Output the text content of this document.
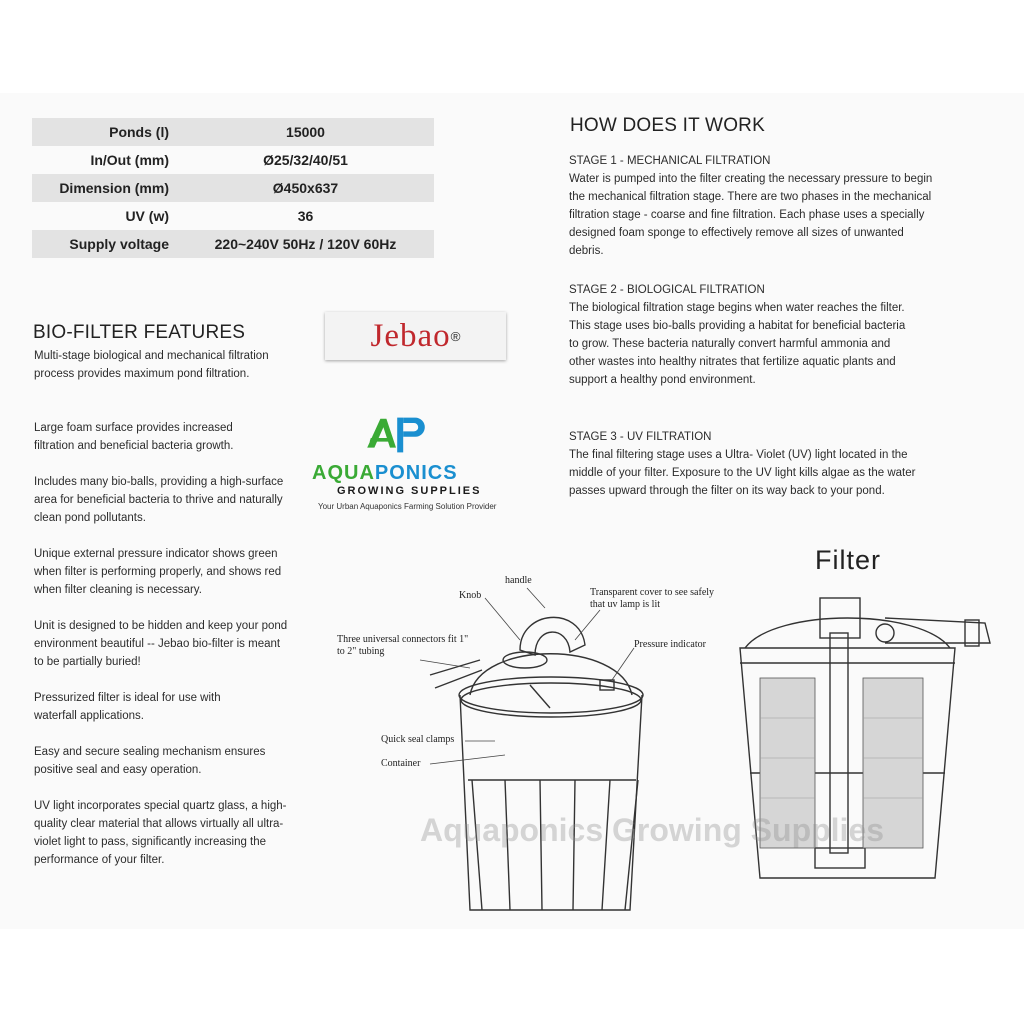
Ponds (l)	15000
In/Out (mm)	Ø25/32/40/51
Dimension (mm)	Ø450x637
UV (w)	36
Supply voltage	220~240V 50Hz / 120V 60Hz
BIO-FILTER FEATURES

Multi-stage biological and mechanical filtration process provides maximum pond filtration.

Large foam surface provides increased filtration and beneficial bacteria growth.

Includes many bio-balls, providing a high-surface area for beneficial bacteria to thrive and naturally clean pond pollutants.

Unique external pressure indicator shows green when filter is performing properly, and shows red when filter cleaning is necessary.

Unit is designed to be hidden and keep your pond environment beautiful -- Jebao bio-filter is meant to be partially buried!

Pressurized filter is ideal for use with waterfall applications.

Easy and secure sealing mechanism ensures positive seal and easy operation.

UV light incorporates special quartz glass, a high-quality clear material that allows virtually all ultra-violet light to pass, significantly increasing the performance of your filter.

Jebao ®
AQUAPONICS
GROWING SUPPLIES
Your Urban Aquaponics Farming Solution Provider
HOW DOES IT WORK

STAGE 1 - MECHANICAL FILTRATION
Water is pumped into the filter creating the necessary pressure to begin the mechanical filtration stage. There are two phases in the mechanical filtration stage - coarse and fine filtration. Each phase uses a specially designed foam sponge to effectively remove all sizes of unwanted debris.

STAGE 2 - BIOLOGICAL FILTRATION
The biological filtration stage begins when water reaches the filter. This stage uses bio-balls providing a habitat for beneficial bacteria to grow. These bacteria naturally convert harmful ammonia and other wastes into healthy nitrates that fertilize aquatic plants and support a healthy pond environment.

STAGE 3 - UV FILTRATION
The final filtering stage uses a Ultra- Violet (UV) light located in the middle of your filter. Exposure to the UV light kills algae as the water passes upward through the filter on its way back to your pond.

handle
Knob	Transparent cover to see safely that uv lamp is lit
Pressure indicator
Three universal connectors fit 1" to 2" tubing
Quick seal clamps
Container
Filter
Aquaponics Growing Supplies
